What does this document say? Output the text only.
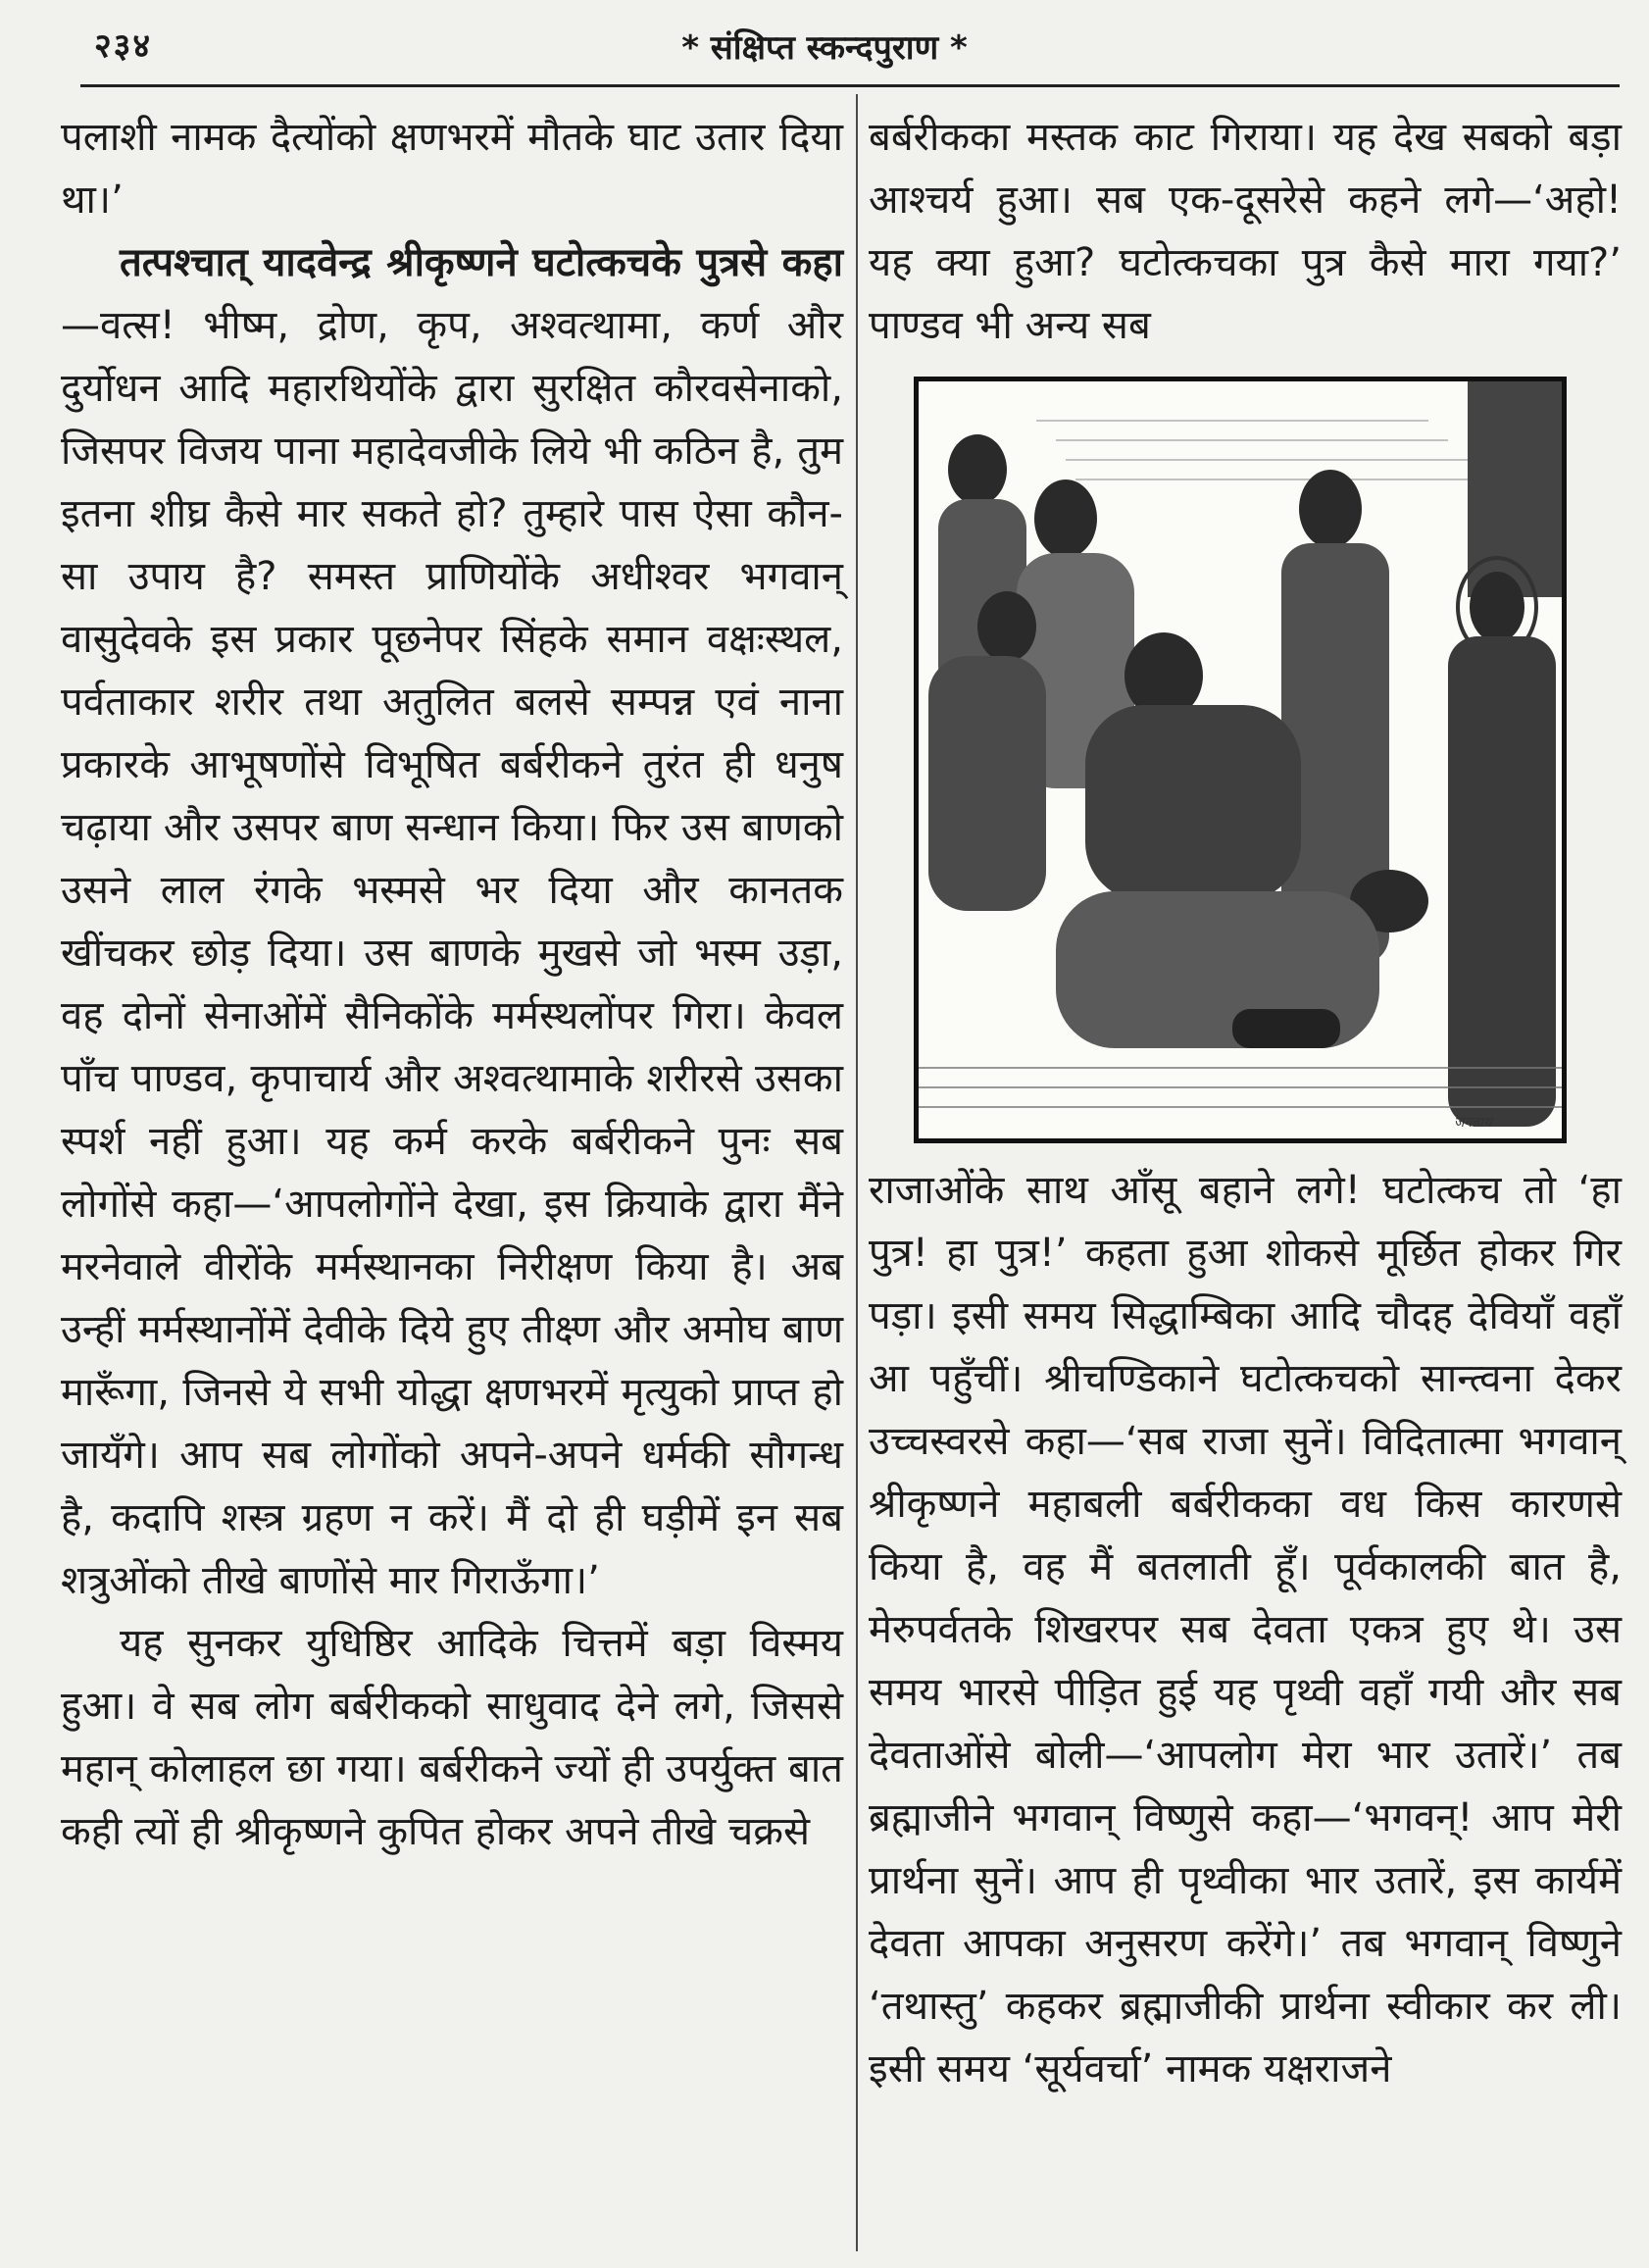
२३४	* संक्षिप्त स्कन्दपुराण *

पलाशी नामक दैत्योंको क्षणभरमें मौतके घाट उतार दिया था।’

तत्पश्चात् यादवेन्द्र श्रीकृष्णने घटोत्कचके पुत्रसे कहा—वत्स! भीष्म, द्रोण, कृप, अश्वत्थामा, कर्ण और दुर्योधन आदि महारथियोंके द्वारा सुरक्षित कौरवसेनाको, जिसपर विजय पाना महादेवजीके लिये भी कठिन है, तुम इतना शीघ्र कैसे मार सकते हो? तुम्हारे पास ऐसा कौन-सा उपाय है? समस्त प्राणियोंके अधीश्वर भगवान् वासुदेवके इस प्रकार पूछनेपर सिंहके समान वक्षःस्थल, पर्वताकार शरीर तथा अतुलित बलसे सम्पन्न एवं नाना प्रकारके आभूषणोंसे विभूषित बर्बरीकने तुरंत ही धनुष चढ़ाया और उसपर बाण सन्धान किया। फिर उस बाणको उसने लाल रंगके भस्मसे भर दिया और कानतक खींचकर छोड़ दिया। उस बाणके मुखसे जो भस्म उड़ा, वह दोनों सेनाओंमें सैनिकोंके मर्मस्थलोंपर गिरा। केवल पाँच पाण्डव, कृपाचार्य और अश्वत्थामाके शरीरसे उसका स्पर्श नहीं हुआ। यह कर्म करके बर्बरीकने पुनः सब लोगोंसे कहा—‘आपलोगोंने देखा, इस क्रियाके द्वारा मैंने मरनेवाले वीरोंके मर्मस्थानका निरीक्षण किया है। अब उन्हीं मर्मस्थानोंमें देवीके दिये हुए तीक्ष्ण और अमोघ बाण मारूँगा, जिनसे ये सभी योद्धा क्षणभरमें मृत्युको प्राप्त हो जायँगे। आप सब लोगोंको अपने-अपने धर्मकी सौगन्ध है, कदापि शस्त्र ग्रहण न करें। मैं दो ही घड़ीमें इन सब शत्रुओंको तीखे बाणोंसे मार गिराऊँगा।’

यह सुनकर युधिष्ठिर आदिके चित्तमें बड़ा विस्मय हुआ। वे सब लोग बर्बरीकको साधुवाद देने लगे, जिससे महान् कोलाहल छा गया। बर्बरीकने ज्यों ही उपर्युक्त बात कही त्यों ही श्रीकृष्णने कुपित होकर अपने तीखे चक्रसे

बर्बरीकका मस्तक काट गिराया। यह देख सबको बड़ा आश्चर्य हुआ। सब एक-दूसरेसे कहने लगे—‘अहो! यह क्या हुआ? घटोत्कचका पुत्र कैसे मारा गया?’ पाण्डव भी अन्य सब

जगन्नाथ

राजाओंके साथ आँसू बहाने लगे! घटोत्कच तो ‘हा पुत्र! हा पुत्र!’ कहता हुआ शोकसे मूर्छित होकर गिर पड़ा। इसी समय सिद्धाम्बिका आदि चौदह देवियाँ वहाँ आ पहुँचीं। श्रीचण्डिकाने घटोत्कचको सान्त्वना देकर उच्चस्वरसे कहा—‘सब राजा सुनें। विदितात्मा भगवान् श्रीकृष्णने महाबली बर्बरीकका वध किस कारणसे किया है, वह मैं बतलाती हूँ। पूर्वकालकी बात है, मेरुपर्वतके शिखरपर सब देवता एकत्र हुए थे। उस समय भारसे पीड़ित हुई यह पृथ्वी वहाँ गयी और सब देवताओंसे बोली—‘आपलोग मेरा भार उतारें।’ तब ब्रह्माजीने भगवान् विष्णुसे कहा—‘भगवन्! आप मेरी प्रार्थना सुनें। आप ही पृथ्वीका भार उतारें, इस कार्यमें देवता आपका अनुसरण करेंगे।’ तब भगवान् विष्णुने ‘तथास्तु’ कहकर ब्रह्माजीकी प्रार्थना स्वीकार कर ली। इसी समय ‘सूर्यवर्चा’ नामक यक्षराजने
